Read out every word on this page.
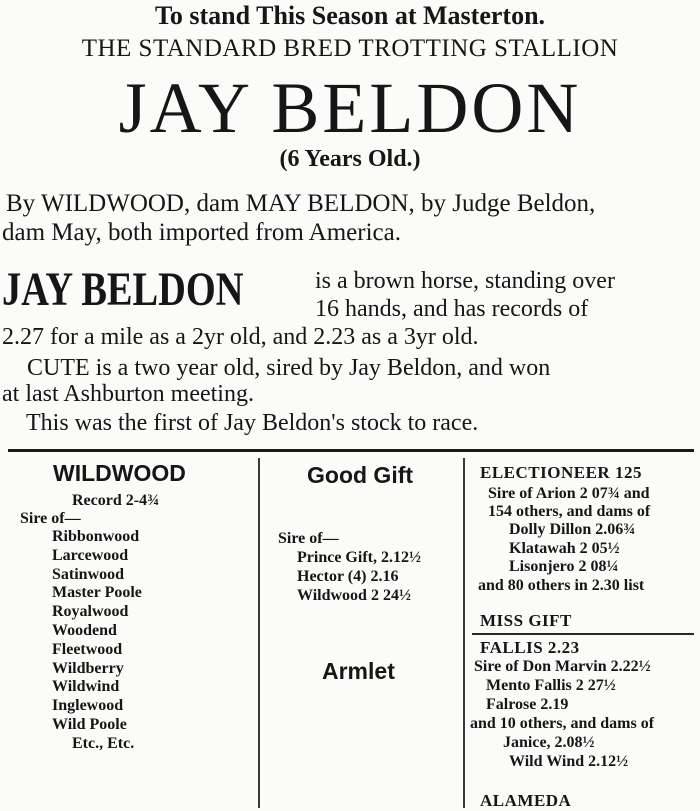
To stand This Season at Masterton.
THE STANDARD BRED TROTTING STALLION
JAY BELDON
(6 Years Old.)
By WILDWOOD, dam MAY BELDON, by Judge Beldon,
dam May, both imported from America.
JAY BELDON	is a brown horse, standing over
16 hands, and has records of
2.27 for a mile as a 2yr old, and 2.23 as a 3yr old.
CUTE is a two year old, sired by Jay Beldon, and won
at last Ashburton meeting.
This was the first of Jay Beldon's stock to race.
WILDWOOD
Record 2-4¾
Sire of—
Ribbonwood
Larcewood
Satinwood
Master Poole
Royalwood
Woodend
Fleetwood
Wildberry
Wildwind
Inglewood
Wild Poole
Etc., Etc.
Good Gift
Sire of—
Prince Gift, 2.12½
Hector (4) 2.16
Wildwood 2 24½
Armlet
ELECTIONEER 125
Sire of Arion 2 07¾ and
154 others, and dams of
Dolly Dillon 2.06¾
Klatawah 2 05½
Lisonjero 2 08¼
and 80 others in 2.30 list
MISS GIFT
FALLIS 2.23
Sire of Don Marvin 2.22½
Mento Fallis 2 27½
Falrose 2.19
and 10 others, and dams of
Janice, 2.08½
Wild Wind 2.12½
ALAMEDA
